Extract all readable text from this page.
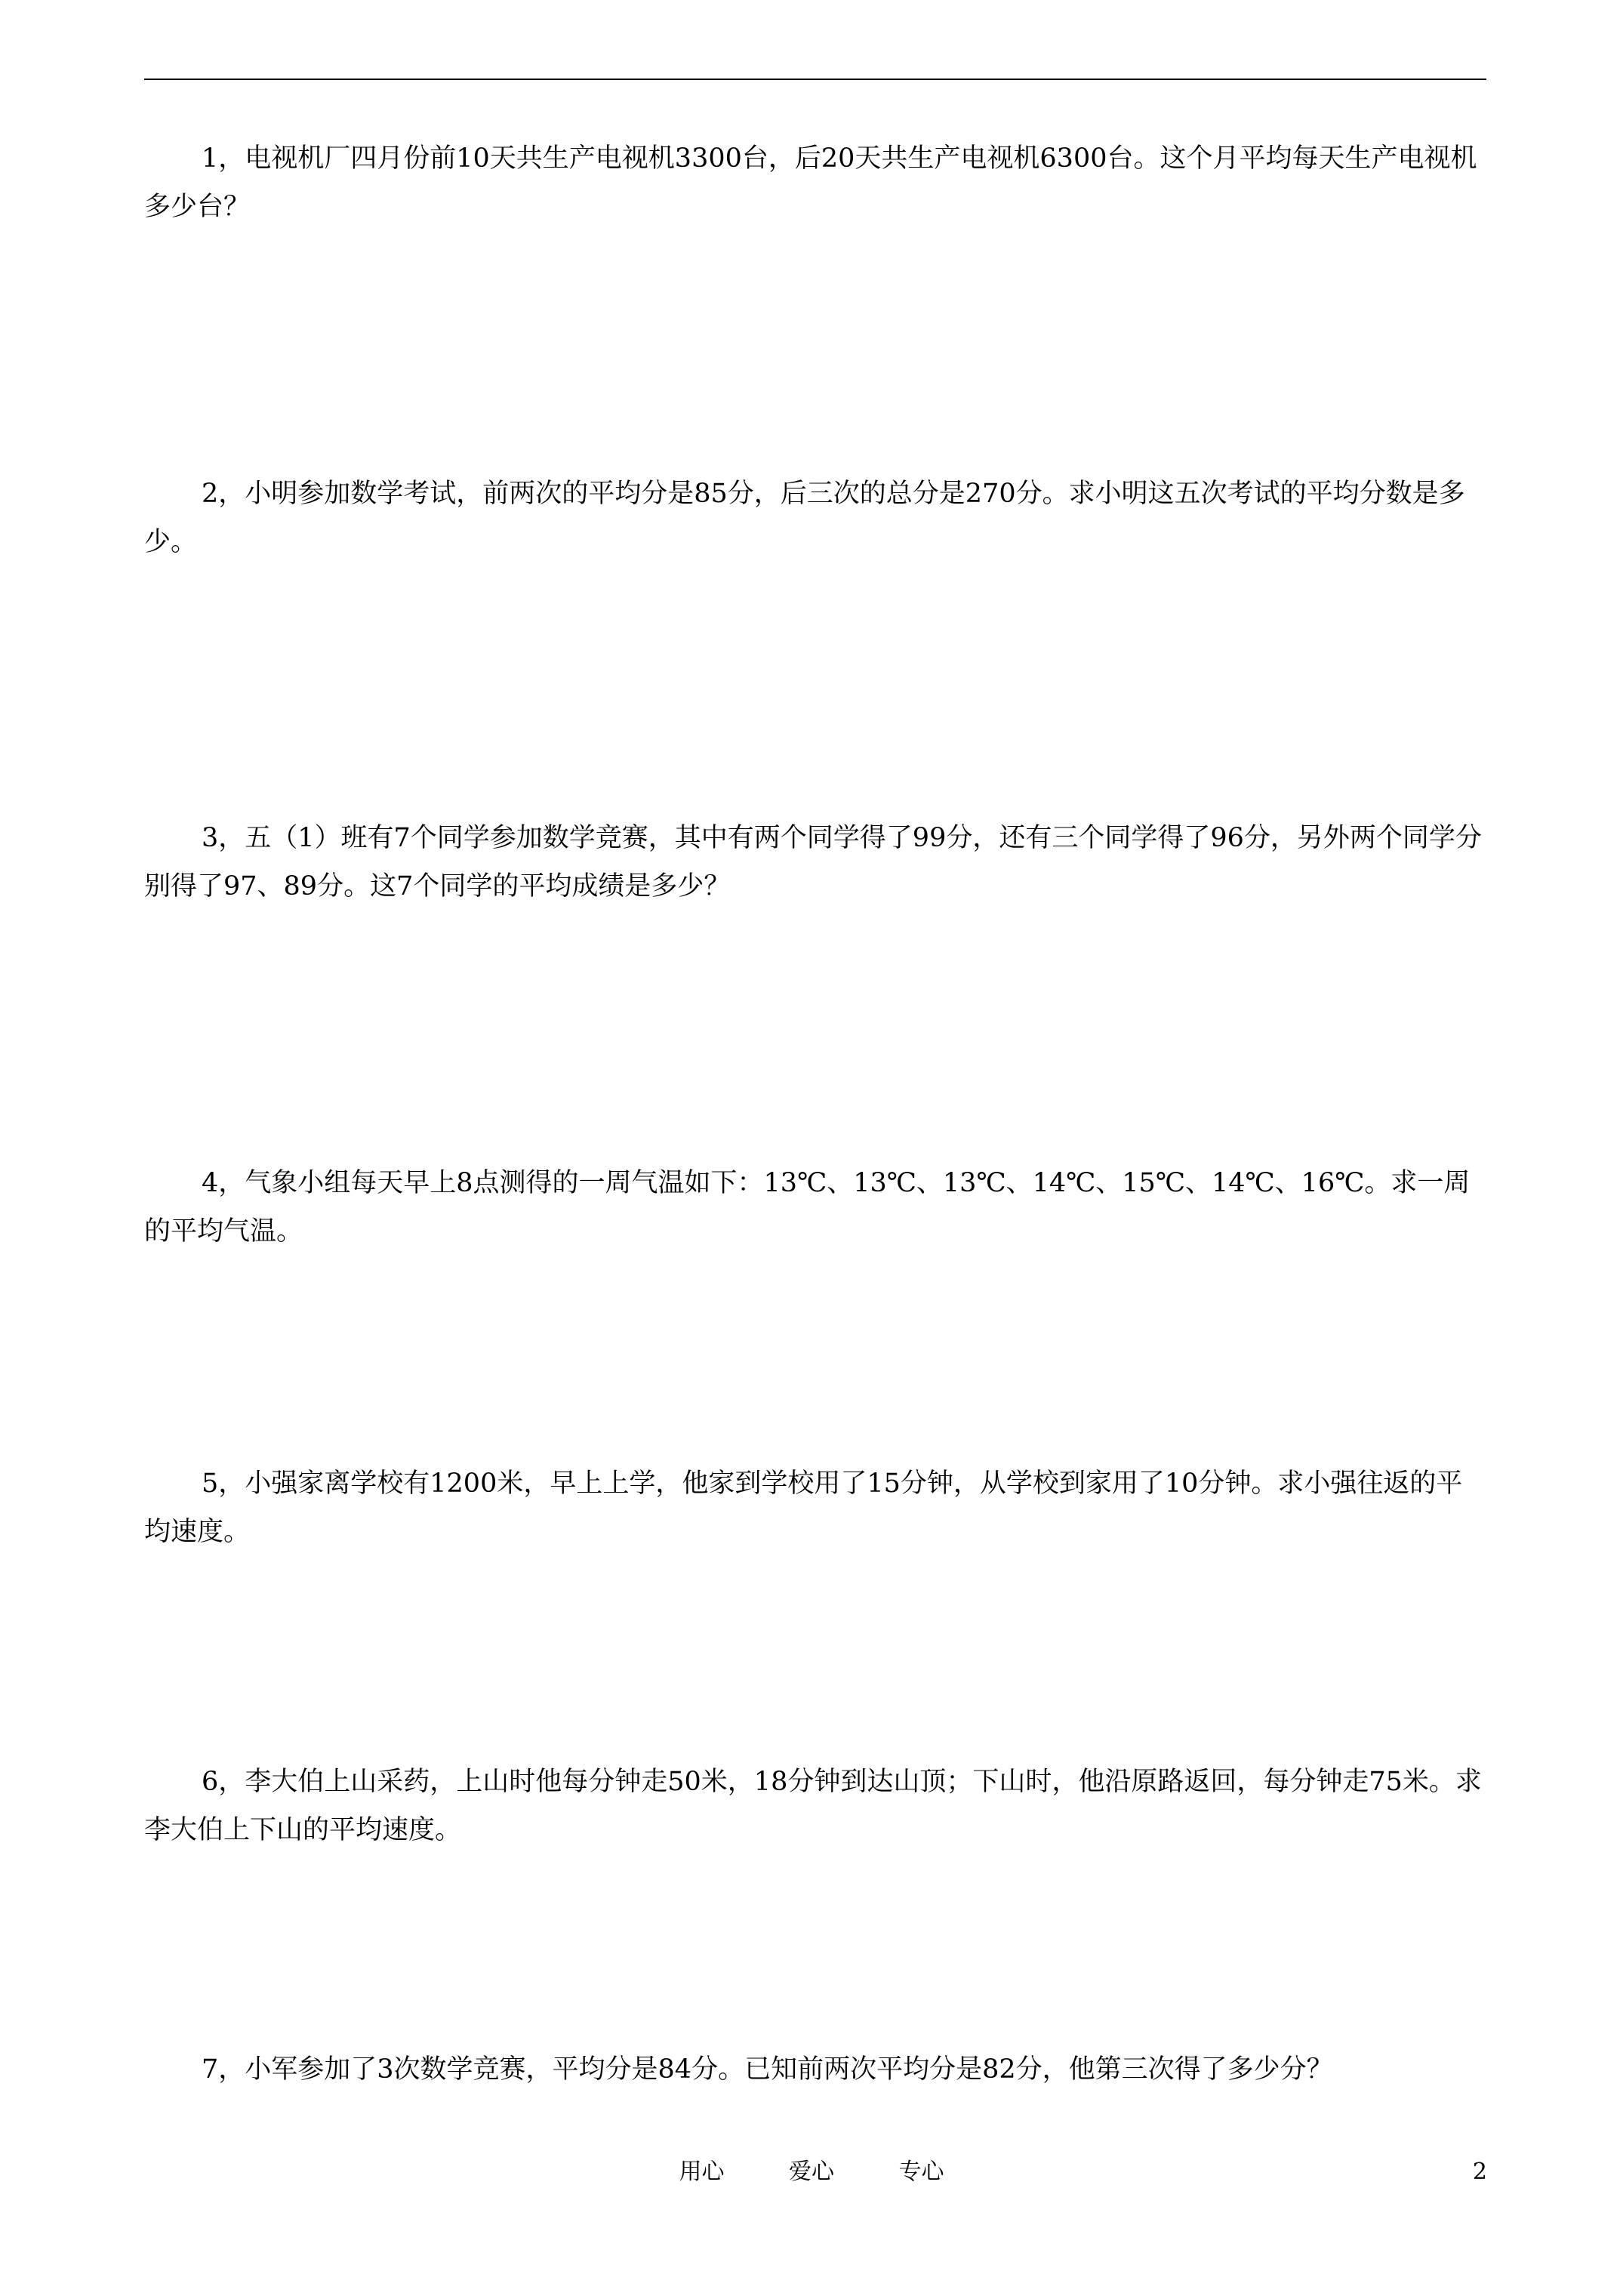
1，电视机厂四月份前10天共生产电视机3300台，后20天共生产电视机6300台。这个月平均每天生产电视机多少台？

2，小明参加数学考试，前两次的平均分是85分，后三次的总分是270分。求小明这五次考试的平均分数是多少。

3，五（1）班有7个同学参加数学竞赛，其中有两个同学得了99分，还有三个同学得了96分，另外两个同学分别得了97、89分。这7个同学的平均成绩是多少？

4，气象小组每天早上8点测得的一周气温如下：13℃、13℃、13℃、14℃、15℃、14℃、16℃。求一周的平均气温。

5，小强家离学校有1200米，早上上学，他家到学校用了15分钟，从学校到家用了10分钟。求小强往返的平均速度。

6，李大伯上山采药，上山时他每分钟走50米，18分钟到达山顶；下山时，他沿原路返回，每分钟走75米。求李大伯上下山的平均速度。

7，小军参加了3次数学竞赛，平均分是84分。已知前两次平均分是82分，他第三次得了多少分？

用心	爱心	专心	2
